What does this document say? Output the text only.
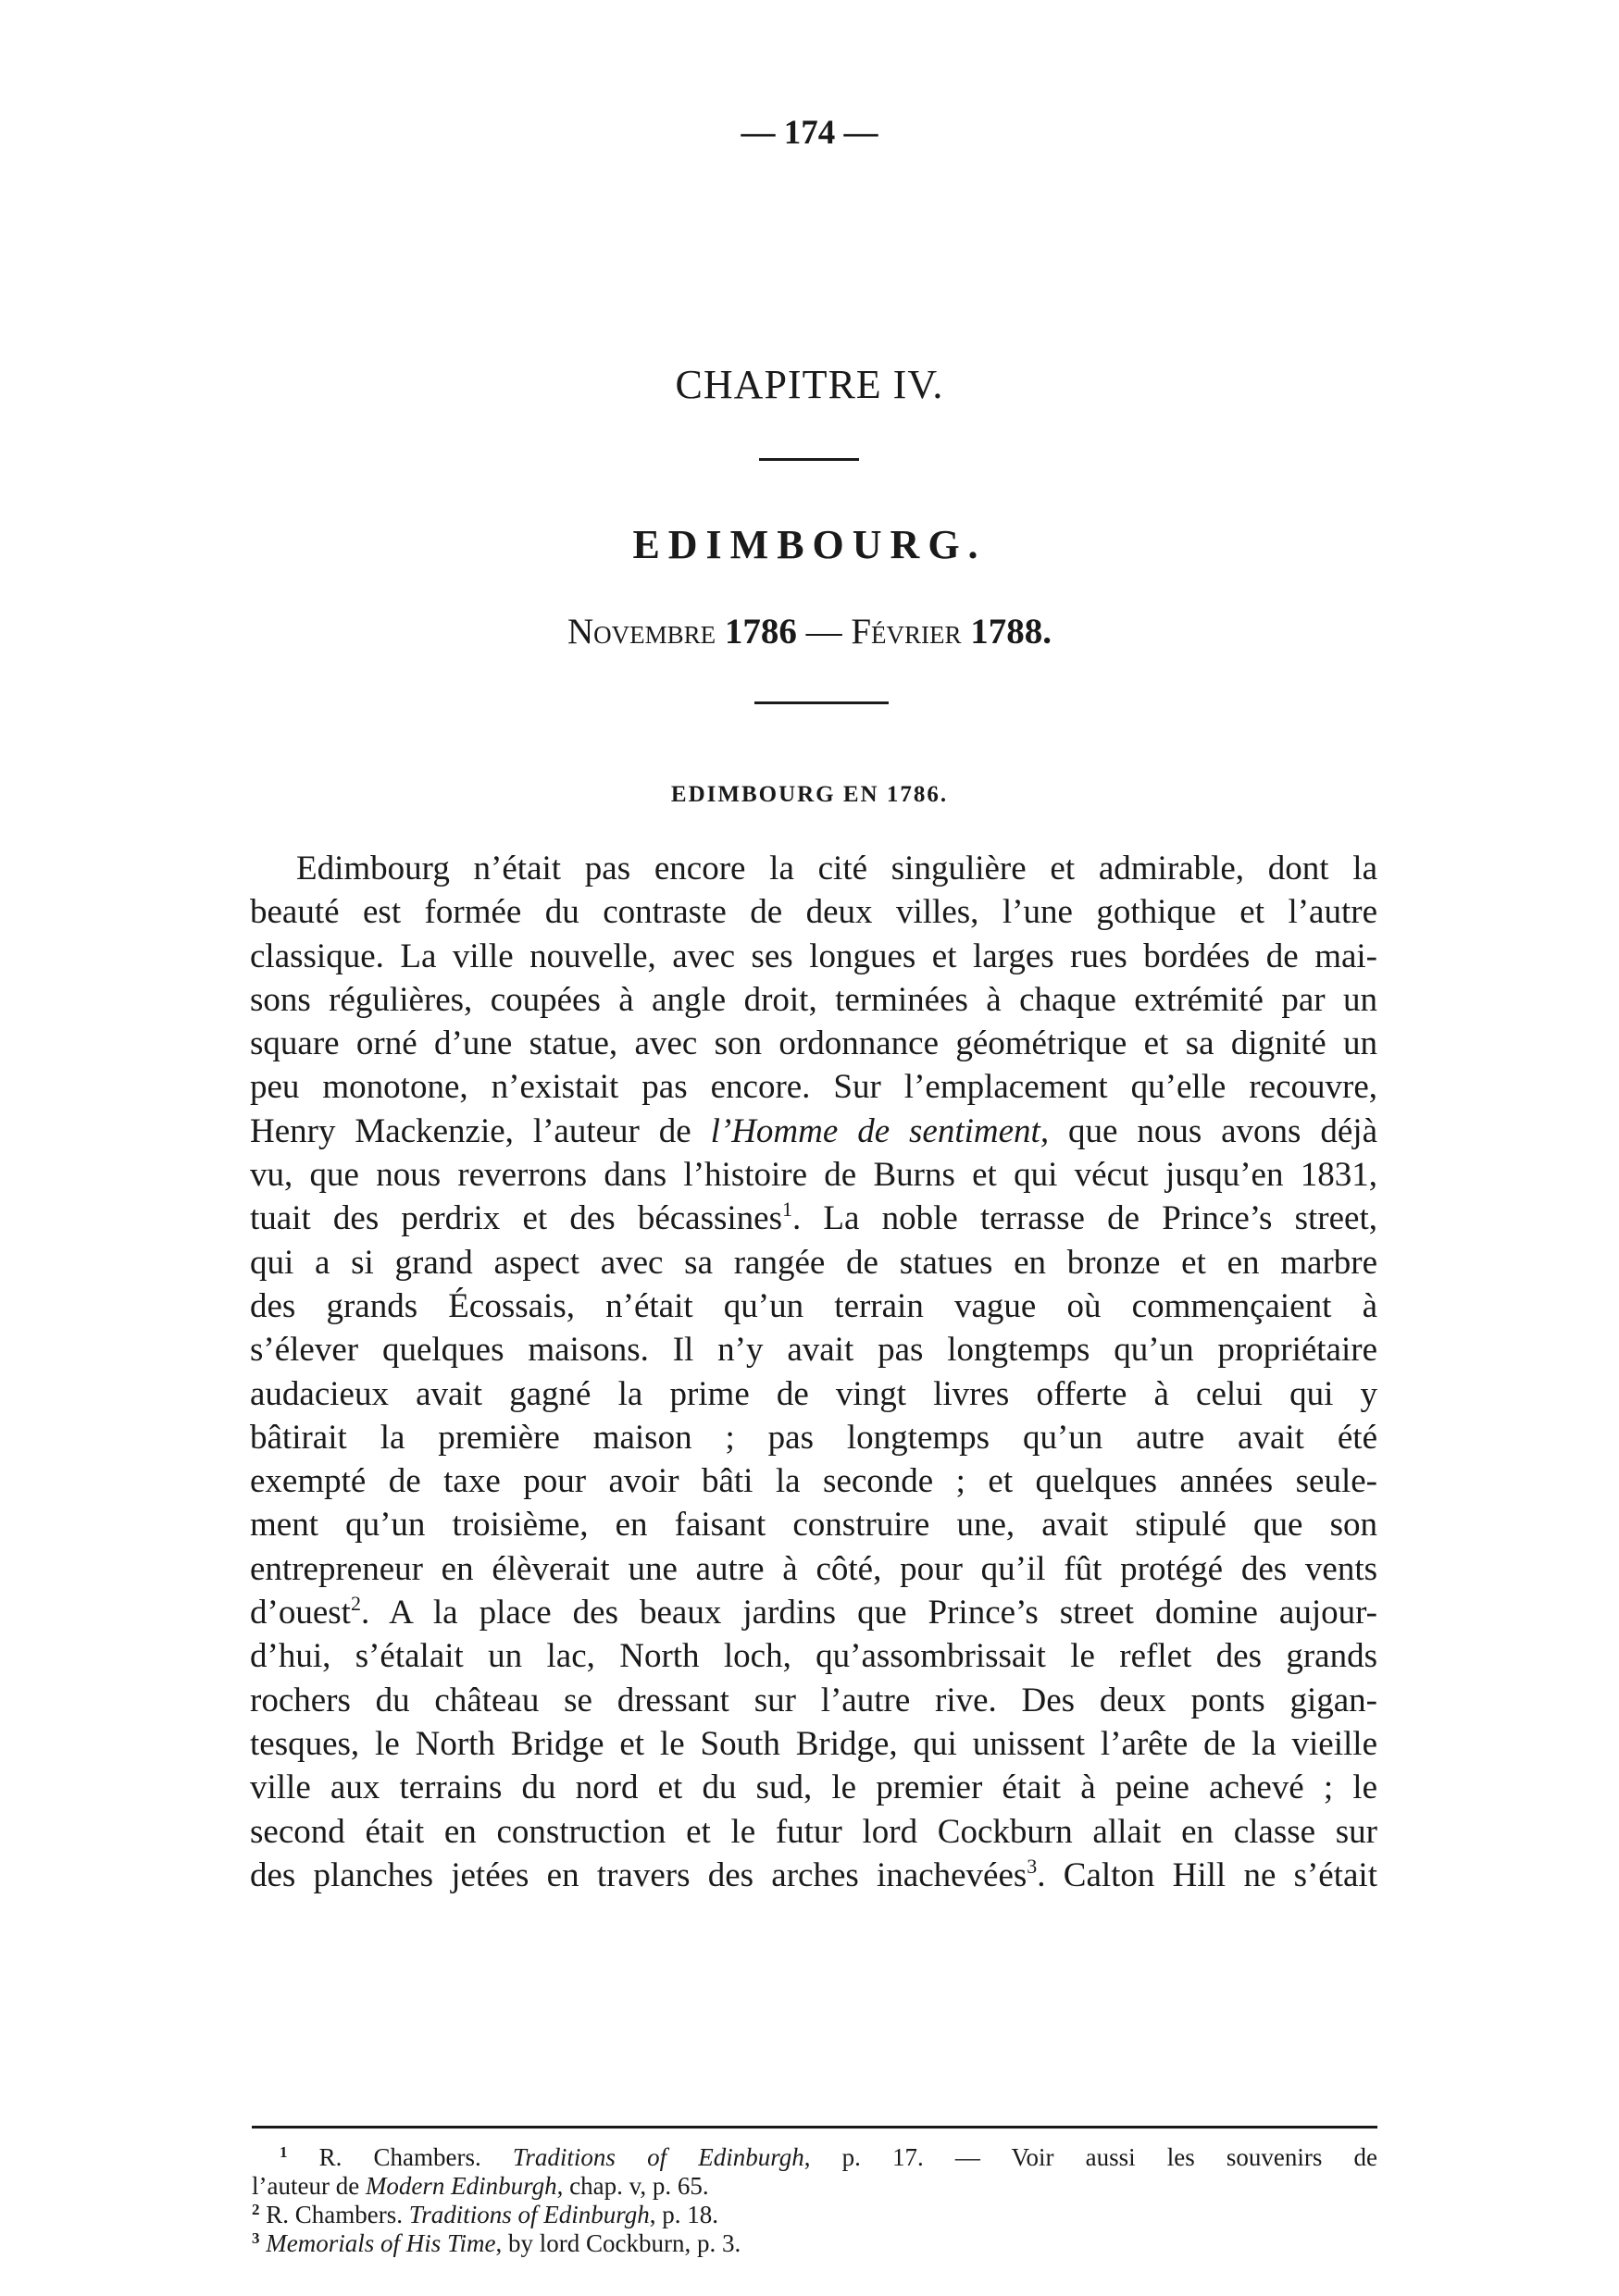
— 174 —
CHAPITRE IV.
EDIMBOURG.
Novembre 1786 — Février 1788.
EDIMBOURG EN 1786.
Edimbourg n’était pas encore la cité singulière et admirable, dont la
beauté est formée du contraste de deux villes, l’une gothique et l’autre
classique. La ville nouvelle, avec ses longues et larges rues bordées de mai-
sons régulières, coupées à angle droit, terminées à chaque extrémité par un
square orné d’une statue, avec son ordonnance géométrique et sa dignité un
peu monotone, n’existait pas encore. Sur l’emplacement qu’elle recouvre,
Henry Mackenzie, l’auteur de l’Homme de sentiment, que nous avons déjà
vu, que nous reverrons dans l’histoire de Burns et qui vécut jusqu’en 1831,
tuait des perdrix et des bécassines$^1$. La noble terrasse de Prince’s street,
qui a si grand aspect avec sa rangée de statues en bronze et en marbre
des grands Écossais, n’était qu’un terrain vague où commençaient à
s’élever quelques maisons. Il n’y avait pas longtemps qu’un propriétaire
audacieux avait gagné la prime de vingt livres offerte à celui qui y
bâtirait la première maison ; pas longtemps qu’un autre avait été
exempté de taxe pour avoir bâti la seconde ; et quelques années seule-
ment qu’un troisième, en faisant construire une, avait stipulé que son
entrepreneur en élèverait une autre à côté, pour qu’il fût protégé des vents
d’ouest$^2$. A la place des beaux jardins que Prince’s street domine aujour-
d’hui, s’étalait un lac, North loch, qu’assombrissait le reflet des grands
rochers du château se dressant sur l’autre rive. Des deux ponts gigan-
tesques, le North Bridge et le South Bridge, qui unissent l’arête de la vieille
ville aux terrains du nord et du sud, le premier était à peine achevé ; le
second était en construction et le futur lord Cockburn allait en classe sur
des planches jetées en travers des arches inachevées$^3$. Calton Hill ne s’était
$^1$ R. Chambers. Traditions of Edinburgh, p. 17. — Voir aussi les souvenirs de
l’auteur de Modern Edinburgh, chap. v, p. 65.
$^2$ R. Chambers. Traditions of Edinburgh, p. 18.
$^3$ Memorials of His Time, by lord Cockburn, p. 3.
